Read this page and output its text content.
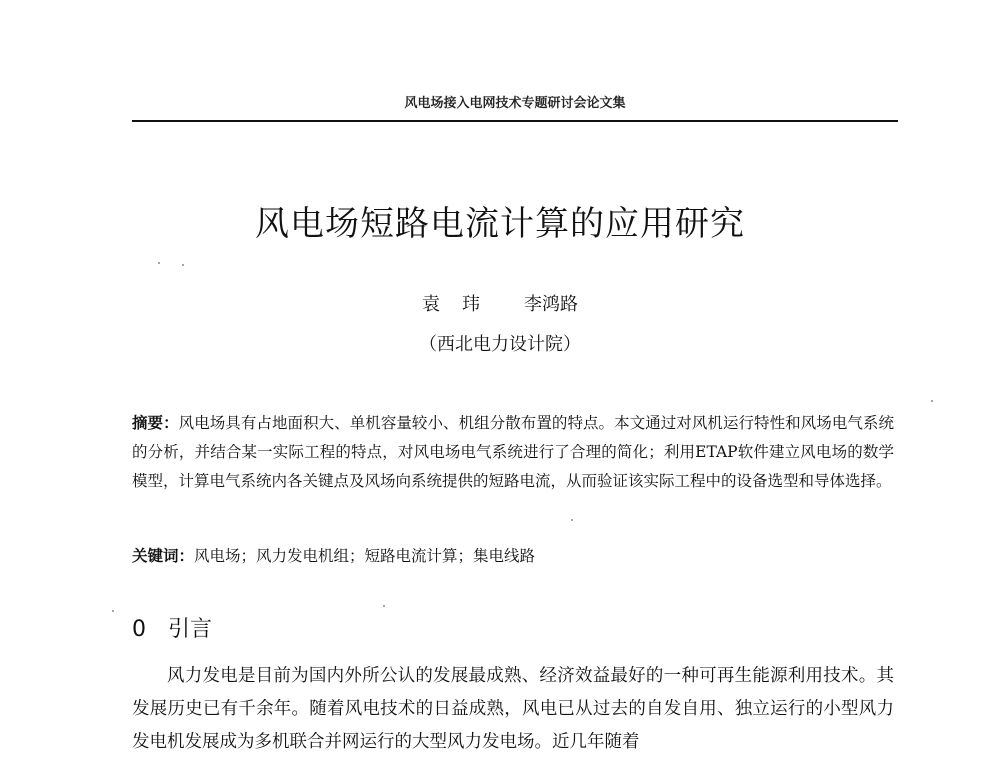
风电场接入电网技术专题研讨会论文集
风电场短路电流计算的应用研究
袁玮 李鸿路
（西北电力设计院）
摘要：风电场具有占地面积大、单机容量较小、机组分散布置的特点。本文通过对风机运行特性和风场电气系统的分析，并结合某一实际工程的特点，对风电场电气系统进行了合理的简化；利用ETAP软件建立风电场的数学模型，计算电气系统内各关键点及风场向系统提供的短路电流，从而验证该实际工程中的设备选型和导体选择。
关键词：风电场；风力发电机组；短路电流计算；集电线路
0 引言

风力发电是目前为国内外所公认的发展最成熟、经济效益最好的一种可再生能源利用技术。其发展历史已有千余年。随着风电技术的日益成熟，风电已从过去的自发自用、独立运行的小型风力发电机发展成为多机联合并网运行的大型风力发电场。近几年随着
